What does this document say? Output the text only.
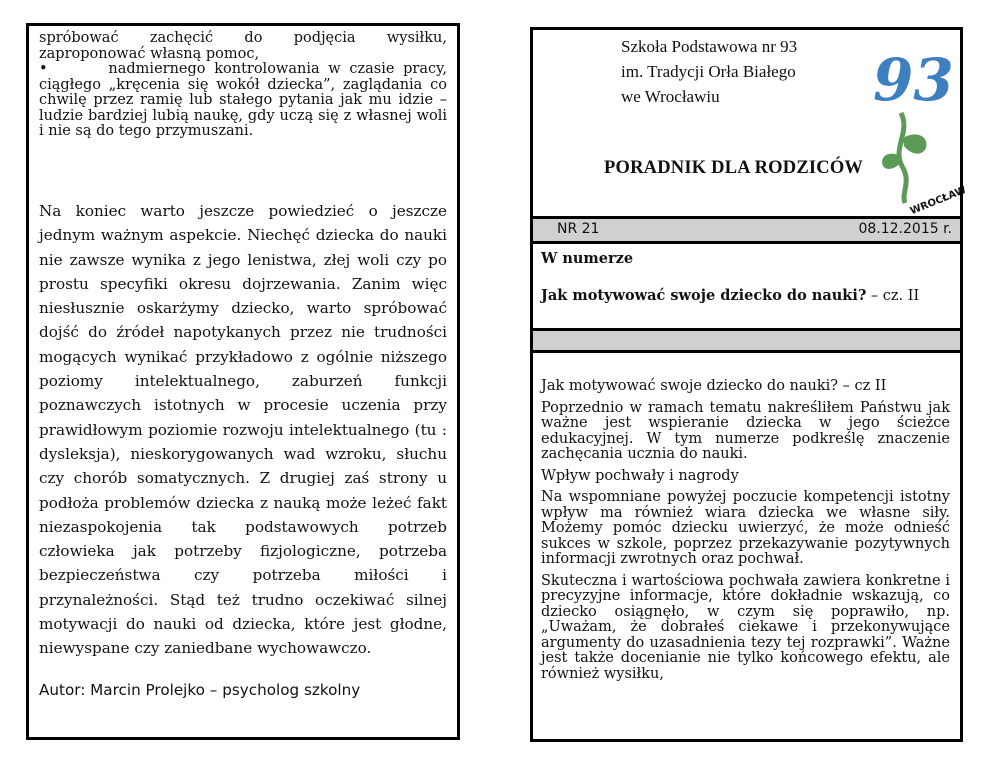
spróbować zachęcić do podjęcia wysiłku, zaproponować własną pomoc,

•	nadmiernego kontrolowania w czasie pracy, ciągłego „kręcenia się wokół dziecka”, zaglądania co chwilę przez ramię lub stałego pytania jak mu idzie – ludzie bardziej lubią naukę, gdy uczą się z własnej woli i nie są do tego przymuszani.

Na koniec warto jeszcze powiedzieć o jeszcze jednym ważnym aspekcie. Niechęć dziecka do nauki nie zawsze wynika z jego lenistwa, złej woli czy po prostu specyfiki okresu dojrzewania. Zanim więc niesłusznie oskarżymy dziecko, warto spróbować dojść do źródeł napotykanych przez nie trudności mogących wynikać przykładowo z ogólnie niższego poziomy intelektualnego, zaburzeń funkcji poznawczych istotnych w procesie uczenia przy prawidłowym poziomie rozwoju intelektualnego (tu : dysleksja), nieskorygowanych wad wzroku, słuchu czy chorób somatycznych. Z drugiej zaś strony u podłoża problemów dziecka z nauką może leżeć fakt niezaspokojenia tak podstawowych potrzeb człowieka jak potrzeby fizjologiczne, potrzeba bezpieczeństwa czy potrzeba miłości i przynależności. Stąd też trudno oczekiwać silnej motywacji do nauki od dziecka, które jest głodne, niewyspane czy zaniedbane wychowawczo.

Autor: Marcin Prolejko – psycholog szkolny
Szkoła Podstawowa nr 93
im. Tradycji Orła Białego
we Wrocławiu
PORADNIK DLA RODZICÓW
93
WROCŁAW
NR 21	08.12.2015 r.
W numerze
Jak motywować swoje dziecko do nauki? – cz. II

Jak motywować swoje dziecko do nauki? – cz II

Poprzednio w ramach tematu nakreśliłem Państwu jak ważne jest wspieranie dziecka w jego ścieżce edukacyjnej. W tym numerze podkreślę znaczenie zachęcania ucznia do nauki.

Wpływ pochwały i nagrody

Na wspomniane powyżej poczucie kompetencji istotny wpływ ma również wiara dziecka we własne siły. Możemy pomóc dziecku uwierzyć, że może odnieść sukces w szkole, poprzez przekazywanie pozytywnych informacji zwrotnych oraz pochwał.

Skuteczna i wartościowa pochwała zawiera konkretne i precyzyjne informacje, które dokładnie wskazują, co dziecko osiągnęło, w czym się poprawiło, np. „Uważam, że dobrałeś ciekawe i przekonywujące argumenty do uzasadnienia tezy tej rozprawki”. Ważne jest także docenianie nie tylko końcowego efektu, ale również wysiłku,
